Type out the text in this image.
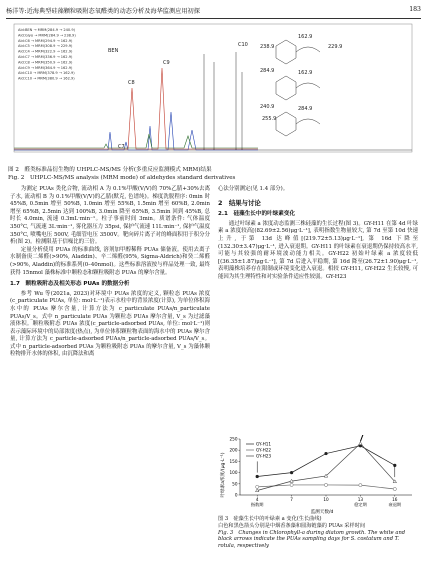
杨洋等:近海典型硅藻颗粒吸附态氧醛类的动态分析及海华监测应用初探	183
Ald:BEN → MRM(284.9 → 240.9)
Ald:Glyo → MRM(284.9 → 238.9)
Ald:C6 → MRM(294.9 → 162.9)
Ald:C5 → MRM(308.9 → 229.9)
Ald:C4 → MRM(322.9 → 162.9)
Ald:C7 → MRM(336.9 → 162.9)
Ald:C8 → MRM(350.9 → 162.9)
Ald:C9 → MRM(364.9 → 162.9)
Ald:C10 → MRM(378.9 → 162.9)
Ald:C10 → MRM(380.9 → 162.9)
BEN
C7
C8
C9
C10
162.9
238.9	229.9
284.9	162.9
240.9
255.9
284.9
图 2　醛类标准品衍生物的 UHPLC-MS/MS 分析(多重反应监测模式 MRM)结果
Fig. 2　UHPLC-MS/MS analysis (MRM mode) of aldehydes standard derivatives

为测定 PUAs 类化合物, 流动相 A 为 0.1%甲酸(V/V)的 70%乙腈+30%去离子水, 流动相 B 为 0.1%甲酸(V/V)的乙腈(默克, 色谱纯)。梯度洗脱程序: 0min 时 45%B, 0.5min 增至 50%B, 1.0min 增至 55%B, 1.5min 增至 60%B, 2.0min 增至 65%B, 2.5min 达到 100%B, 3.0min 降至 65%B, 3.5min 回到 45%B, 总时长 4.0min, 流速 0.3mL·min⁻¹。柱子事前时间 3min。质谱条件: 气体温度 350°C, 气流速 3L·min⁻¹, 雾化器压力 35psi, 保护气流速 11L·min⁻¹, 保护气温度 350°C, 喷嘴电压 500V, 毛细管电压 3500V。靶向碎片离子对的峰面积用于积分分析(图 2)。检测限基于信噪比的三倍。

定量分析使用 PUAs 的标准曲线, 溶剂加甲醇稀释 PUAs 储备液。使用去离子水制备庚二烯醛(>90%, Aladdin)、辛二烯醛(95%, Sigma-Aldrich)和癸二烯醛(>90%, Aladdin)的标准系列(0–40nmol)。这些标准溶液按与样品处理一致, 最终获得 15nmol 藻株标准中颗粒态和颗粒吸附态 PUAs 的摩尔含量。

1.7　颗粒吸附态及相关形态 PUAs 的数据分析

参考 Wu 等(2021a, 2023)对环境中 PUAs 浓度的定义, 颗粒态 PUAs 浓度(c_particulate PUAs, 单位: mol·L⁻¹)表示水柱中的背景浓度(计算), 为单位体积海水中的 PUAs 摩尔含量, 计算方法为 c_particulate PUAs/n_particulate PUAs/V_s。式中 n_particulate PUAs 为颗粒态 PUAs 摩尔含量, V_s 为过滤藻液体积。颗粒吸附态 PUAs 浓度(c_particle-adsorbed PUAs, 单位: mol·L⁻¹)则表示藻际环境中的局部浓度(热点), 为单位体积颗粒物表面的海水中的 PUAs 摩尔含量, 计算方法为 c_particle-adsorbed PUAs/n_particle-adsorbed PUAs/V_s。式中 n_particle-adsorbed PUAs 为颗粒吸附态 PUAs 的摩尔含量, V_s 为藻体颗粒物排开水体的体积, 由沉降法和离

心法分别测定(见 1.4 部分)。
2　结果与讨论
2.1　硅藻生长中的叶绿素变化

通过叶绿素 a 浓度动态监测三株硅藻的生长过程(图 3)。GY-H11 在第 4d 叶绿素 a 浓度较高[(82.69±2.56)μg·L⁻¹], 表明指数生物量较大, 第 7d 至第 10d 快速上升, 于第 13d 达峰值[(219.72±5.13)μg·L⁻¹], 第 16d 下降至(132.30±3.47)μg·L⁻¹, 进入衰退期。GY-H11 的叶绿素在衰退期仍保持较高水平, 可能与其较强的耐环境波动能力相关。GY-H22 初始叶绿素 a 浓度较低[(36.35±1.87)μg·L⁻¹], 第 7d 后进入平稳期, 第 16d 降至(26.72±1.90)μg·L⁻¹, 表明藻株培养存在限制或环境变化进入衰退。相较 GY-H11, GY-H22 生长较慢, 可能因为其生理特性和对实验条件适应性较弱。GY-H23

叶绿素a浓度/(μg·L⁻¹) 0
50
100
150
200
250
4	7	10	13	16
GY-H11
GY-H22
GY-H23
指数期	稳定期	衰退期
监测天数/d
图 3　硅藻生长中的叶绿素 a 变化(生长曲线)
白色和黑色箭头分别是中烟香条藻和圆海链藻的 PUAs 采样时间
Fig. 3　Changes in Chlorophyll-a during diatom growth. The white and black arrows indicate the PUAs sampling days for S. costatum and T. rotula, respectively
